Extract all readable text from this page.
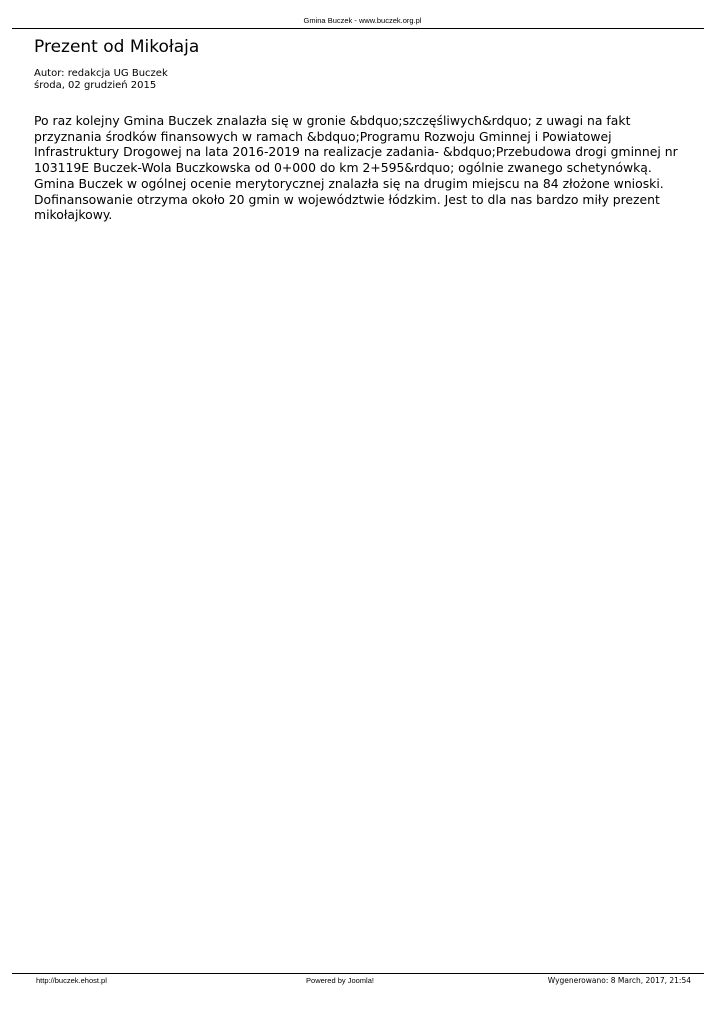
Gmina Buczek - www.buczek.org.pl
Prezent od Mikołaja
Autor: redakcja UG Buczek
środa, 02 grudzień 2015

Po raz kolejny Gmina Buczek znalazła się w gronie &bdquo;szczęśliwych&rdquo; z uwagi na fakt przyznania środków finansowych w ramach &bdquo;Programu Rozwoju Gminnej i Powiatowej Infrastruktury Drogowej na lata 2016-2019 na realizacje zadania- &bdquo;Przebudowa drogi gminnej nr 103119E Buczek-Wola Buczkowska od 0+000 do km 2+595&rdquo; ogólnie zwanego schetynówką. Gmina Buczek w ogólnej ocenie merytorycznej znalazła się na drugim miejscu na 84 złożone wnioski. Dofinansowanie otrzyma około 20 gmin w województwie łódzkim. Jest to dla nas bardzo miły prezent mikołajkowy.

http://buczek.ehost.pl	Powered by Joomla!	Wygenerowano: 8 March, 2017, 21:54
